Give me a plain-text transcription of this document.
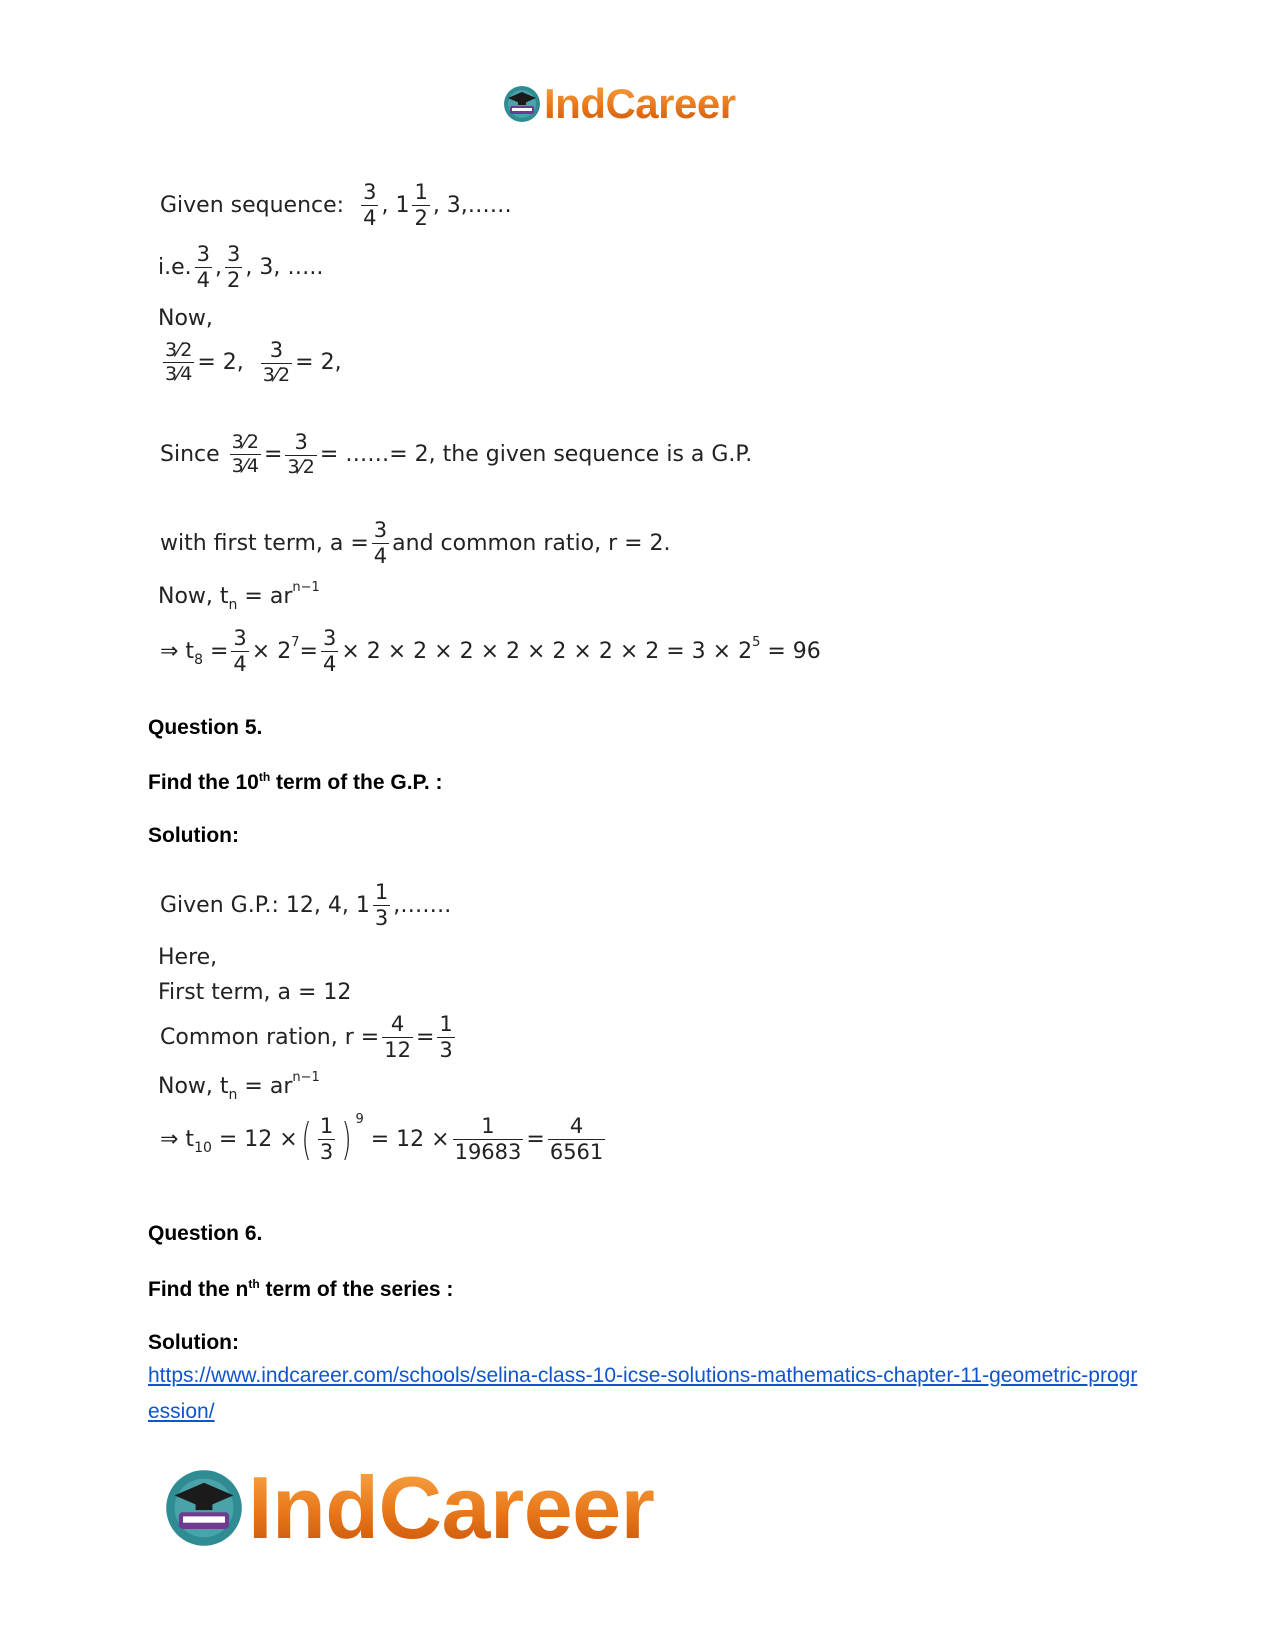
IndCareer
Given sequence:
$\frac{3}{4}$ , $1 \frac{1}{2}$ , 3,……
i.e. $\frac{3}{4}$ , $\frac{3}{2}$ , 3, …..
Now,
$\frac{3⁄2}{3⁄4} = 2$,
$\frac{3}{3⁄2} = 2$,
Since
$\frac{3⁄2}{3⁄4} = \frac{3}{3⁄2}$ = …… = 2, the given sequence is a G.P.
with first term, $a = \frac{3}{4}$ and common ratio, r = 2.
Now, t n
= ar n−1
⇒ t $8 = \frac{3}{4} \times 2$ $7 = \frac{3}{4} \times 2 \times 2 \times 2 \times 2 \times 2 \times 2 \times 2 = 3 \times 2$ 5
= 96
Question 5.
Find the 10th term of the G.P. :
Solution:
Given G.P.: 12, 4, $1 \frac{1}{3}$ ,…….
Here,
First term, a = 12
Common ration, $r = \frac{4}{12} = \frac{1}{3}$
Now, t n
= ar n−1
⇒ t 10 = 12 × ( $\frac{1}{3}$ ) 9
= $12 \times \frac{1}{19683} = \frac{4}{6561}$
Question 6.
Find the $n^{th}$ term of the series :
Solution:
https://www.indcareer.com/schools/selina-class-10-icse-solutions-mathematics-chapter-11-geometric-progression/
IndCareer
